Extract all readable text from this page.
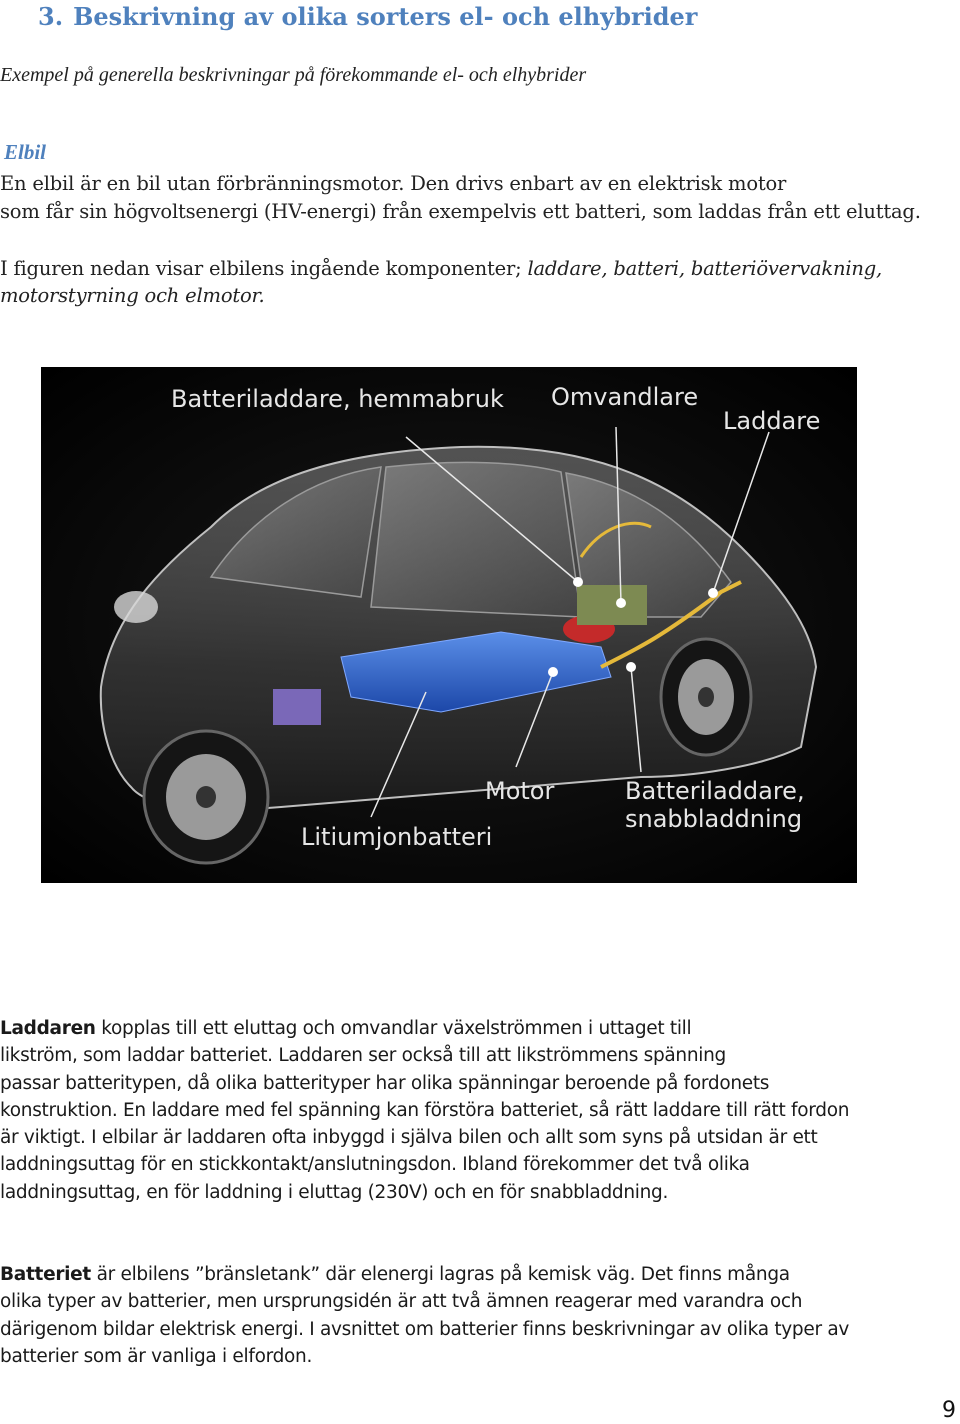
3. Beskrivning av olika sorters el- och elhybrider
Exempel på generella beskrivningar på förekommande el- och elhybrider
Elbil
En elbil är en bil utan förbränningsmotor. Den drivs enbart av en elektrisk motor
som får sin högvoltsenergi (HV-energi) från exempelvis ett batteri, som laddas från ett eluttag.
I figuren nedan visar elbilens ingående komponenter; laddare, batteri, batteriövervakning,
motorstyrning och elmotor.
Batteriladdare, hemmabruk Omvandlare
Laddare
Motor	Batteriladdare,
snabbladdning
Litiumjonbatteri
Laddaren kopplas till ett eluttag och omvandlar växelströmmen i uttaget till
likström, som laddar batteriet. Laddaren ser också till att likströmmens spänning
passar batteritypen, då olika batterityper har olika spänningar beroende på fordonets
konstruktion. En laddare med fel spänning kan förstöra batteriet, så rätt laddare till rätt fordon
är viktigt. I elbilar är laddaren ofta inbyggd i själva bilen och allt som syns på utsidan är ett
laddningsuttag för en stickkontakt/anslutningsdon. Ibland förekommer det två olika
laddningsuttag, en för laddning i eluttag (230V) och en för snabbladdning.
Batteriet är elbilens ”bränsletank” där elenergi lagras på kemisk väg. Det finns många
olika typer av batterier, men ursprungsidén är att två ämnen reagerar med varandra och
därigenom bildar elektrisk energi. I avsnittet om batterier finns beskrivningar av olika typer av
batterier som är vanliga i elfordon.
9
